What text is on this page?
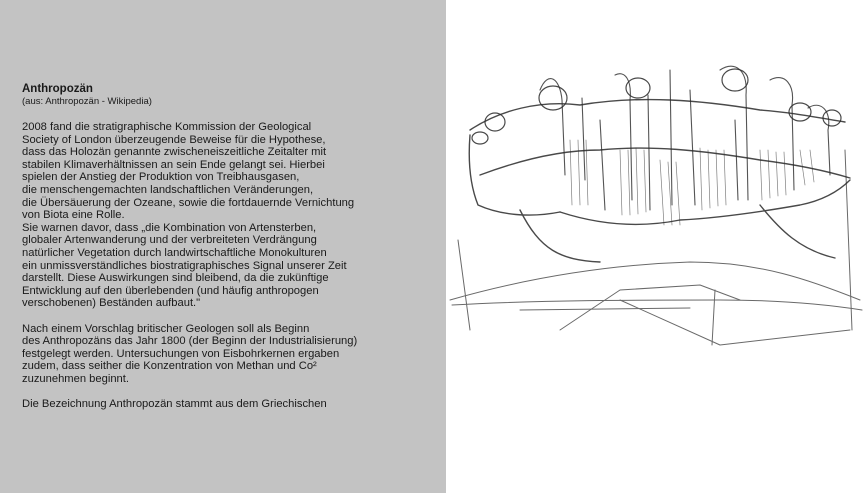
Anthropozän
(aus: Anthropozän - Wikipedia)
2008 fand die stratigraphische Kommission der Geological
Society of London überzeugende Beweise für die Hypothese,
dass das Holozän genannte zwischeneiszeitliche Zeitalter mit
stabilen Klimaverhältnissen an sein Ende gelangt sei. Hierbei
spielen der Anstieg der Produktion von Treibhausgasen,
die menschengemachten landschaftlichen Veränderungen,
die Übersäuerung der Ozeane, sowie die fortdauernde Vernichtung
von Biota eine Rolle.
Sie warnen davor, dass „die Kombination von Artensterben,
globaler Artenwanderung und der verbreiteten Verdrängung
natürlicher Vegetation durch landwirtschaftliche Monokulturen
ein unmissverständliches biostratigraphisches Signal unserer Zeit
darstellt. Diese Auswirkungen sind bleibend, da die zukünftige
Entwicklung auf den überlebenden (und häufig anthropogen
verschobenen) Beständen aufbaut."
Nach einem Vorschlag britischer Geologen soll als Beginn
des Anthropozäns das Jahr 1800 (der Beginn der Industrialisierung)
festgelegt werden. Untersuchungen von Eisbohrkernen ergaben
zudem, dass seither die Konzentration von Methan und Co²
zuzunehmen beginnt.
Die Bezeichnung Anthropozän stammt aus dem Griechischen
